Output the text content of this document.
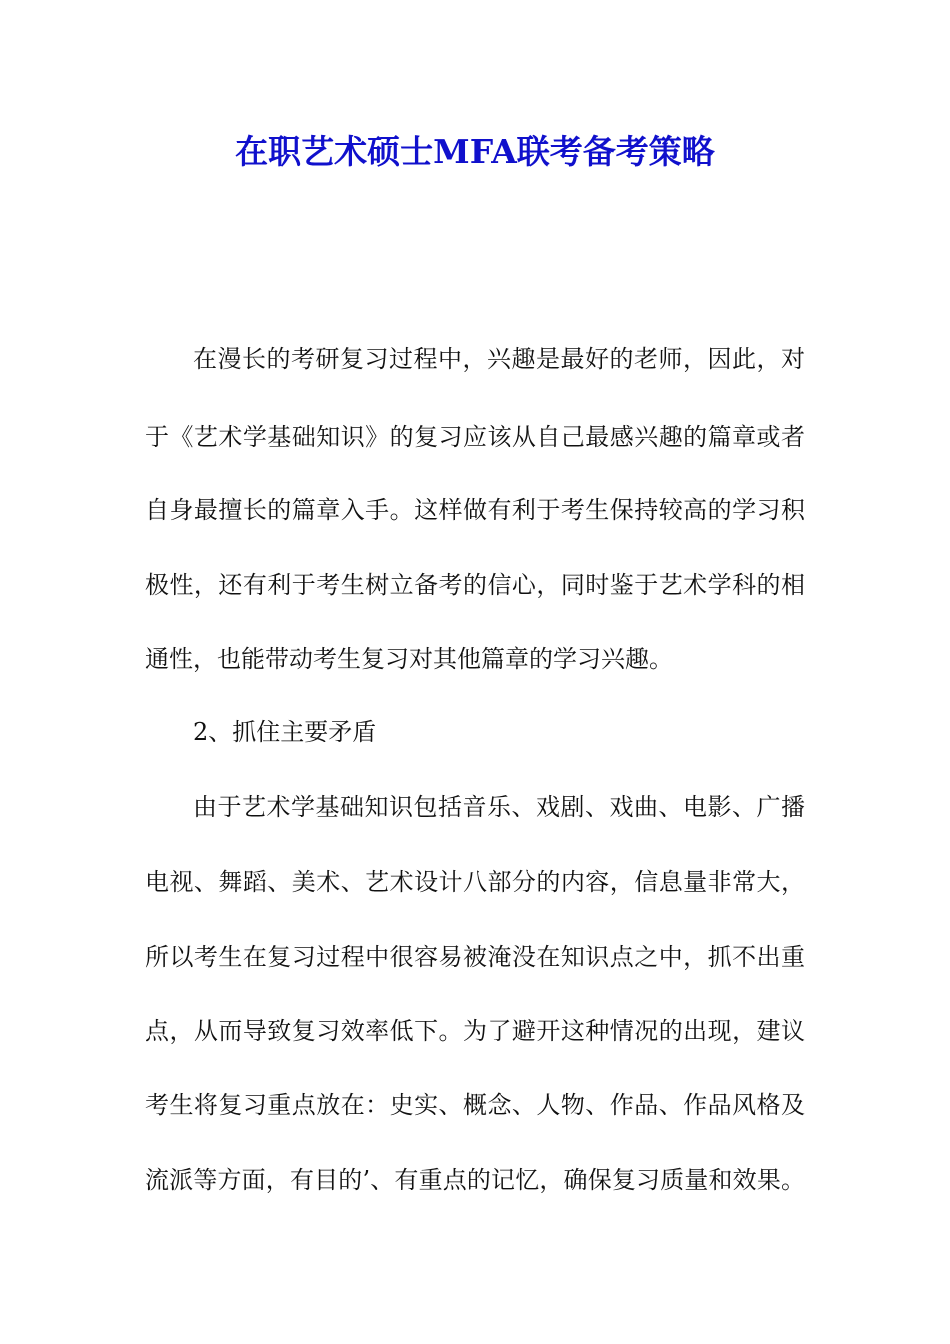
在职艺术硕士MFA联考备考策略
在漫长的考研复习过程中，兴趣是最好的老师，因此，对
于《艺术学基础知识》的复习应该从自己最感兴趣的篇章或者
自身最擅长的篇章入手。这样做有利于考生保持较高的学习积
极性，还有利于考生树立备考的信心，同时鉴于艺术学科的相
通性，也能带动考生复习对其他篇章的学习兴趣。
2、抓住主要矛盾
由于艺术学基础知识包括音乐、戏剧、戏曲、电影、广播
电视、舞蹈、美术、艺术设计八部分的内容，信息量非常大，
所以考生在复习过程中很容易被淹没在知识点之中，抓不出重
点，从而导致复习效率低下。为了避开这种情况的出现，建议
考生将复习重点放在：史实、概念、人物、作品、作品风格及
流派等方面，有目的’、有重点的记忆，确保复习质量和效果。
